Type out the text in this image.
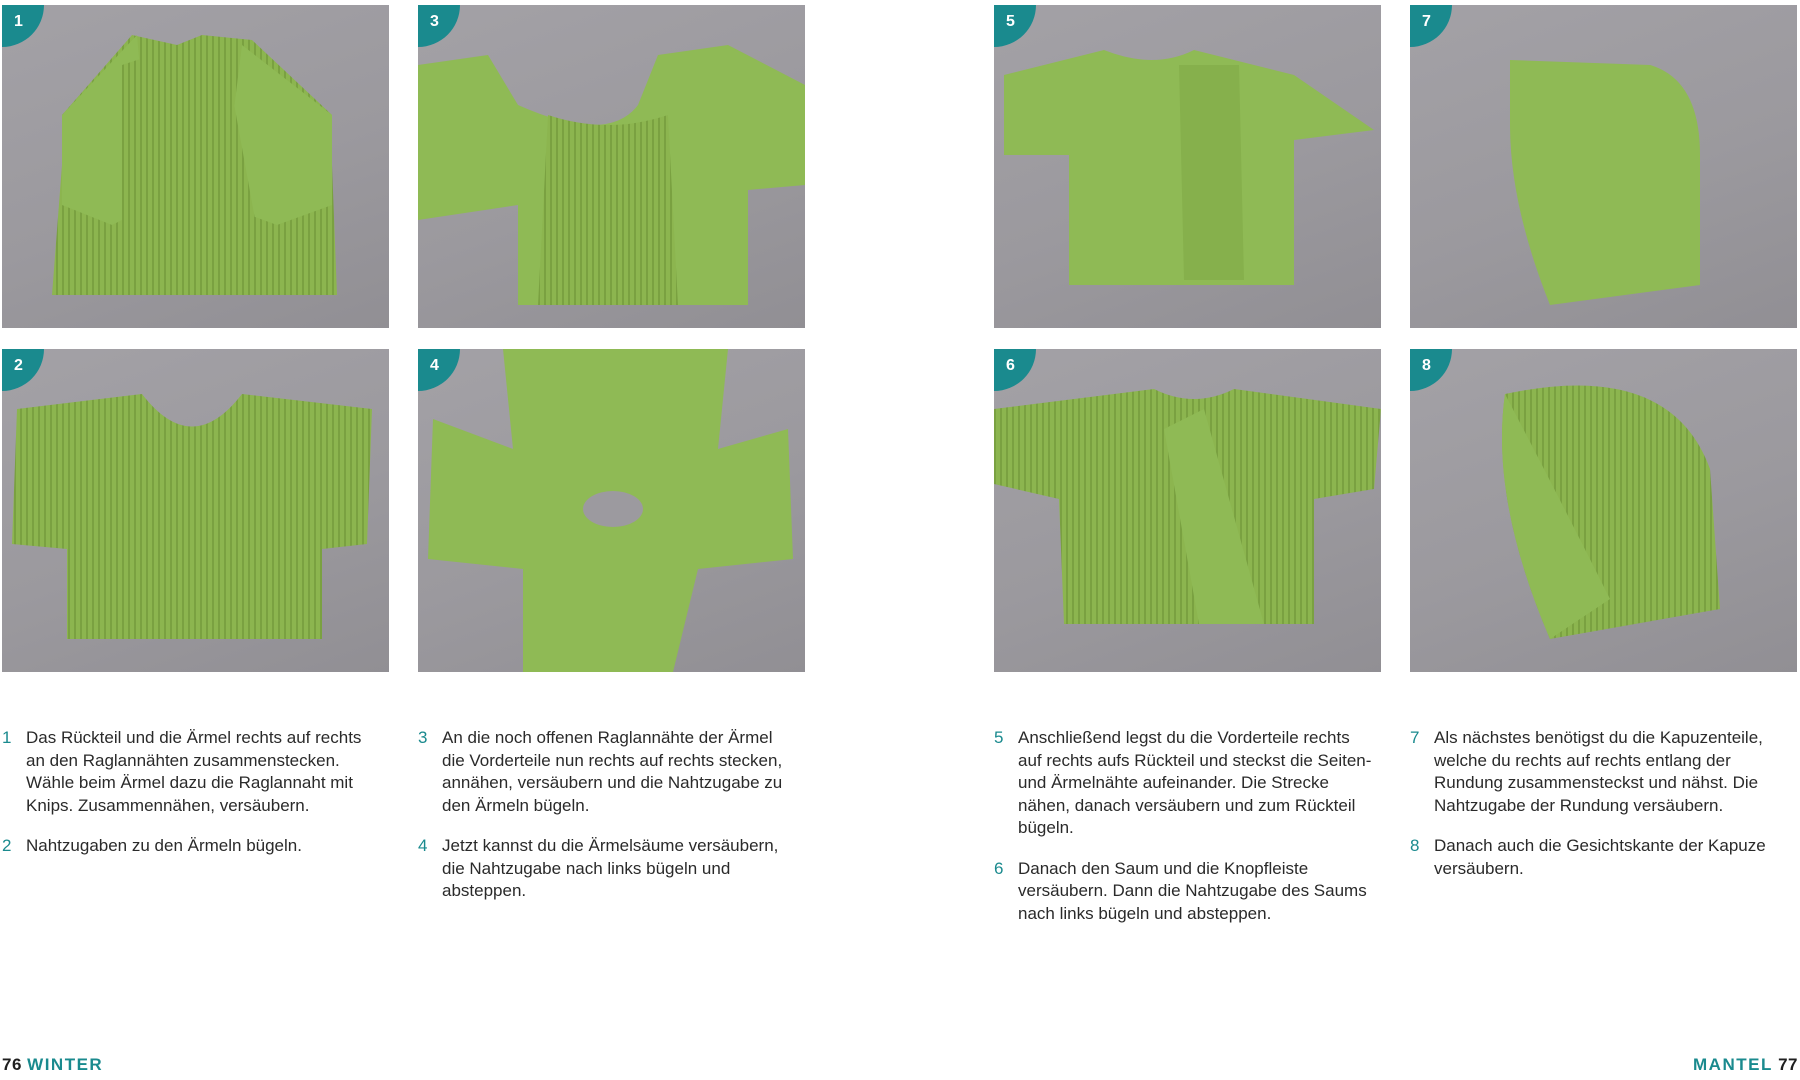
1
2
3
4
5
6
7
8
1 Das Rückteil und die Ärmel rechts auf rechts an den Raglannähten zusammenstecken. Wähle beim Ärmel dazu die Raglannaht mit Knips. Zusammennähen, versäubern.
2 Nahtzugaben zu den Ärmeln bügeln.
3 An die noch offenen Raglannähte der Ärmel die Vorderteile nun rechts auf rechts stecken, annähen, versäubern und die Nahtzugabe zu den Ärmeln bügeln.
4 Jetzt kannst du die Ärmelsäume versäubern, die Nahtzugabe nach links bügeln und absteppen.
5 Anschließend legst du die Vorderteile rechts auf rechts aufs Rückteil und steckst die Seiten- und Ärmelnähte aufeinander. Die Strecke nähen, danach versäubern und zum Rückteil bügeln.
6 Danach den Saum und die Knopfleiste versäubern. Dann die Nahtzugabe des Saums nach links bügeln und absteppen.
7 Als nächstes benötigst du die Kapuzenteile, welche du rechts auf rechts entlang der Rundung zusammensteckst und nähst. Die Nahtzugabe der Rundung versäubern.
8 Danach auch die Gesichtskante der Kapuze versäubern.
76 WINTER	MANTEL 77
